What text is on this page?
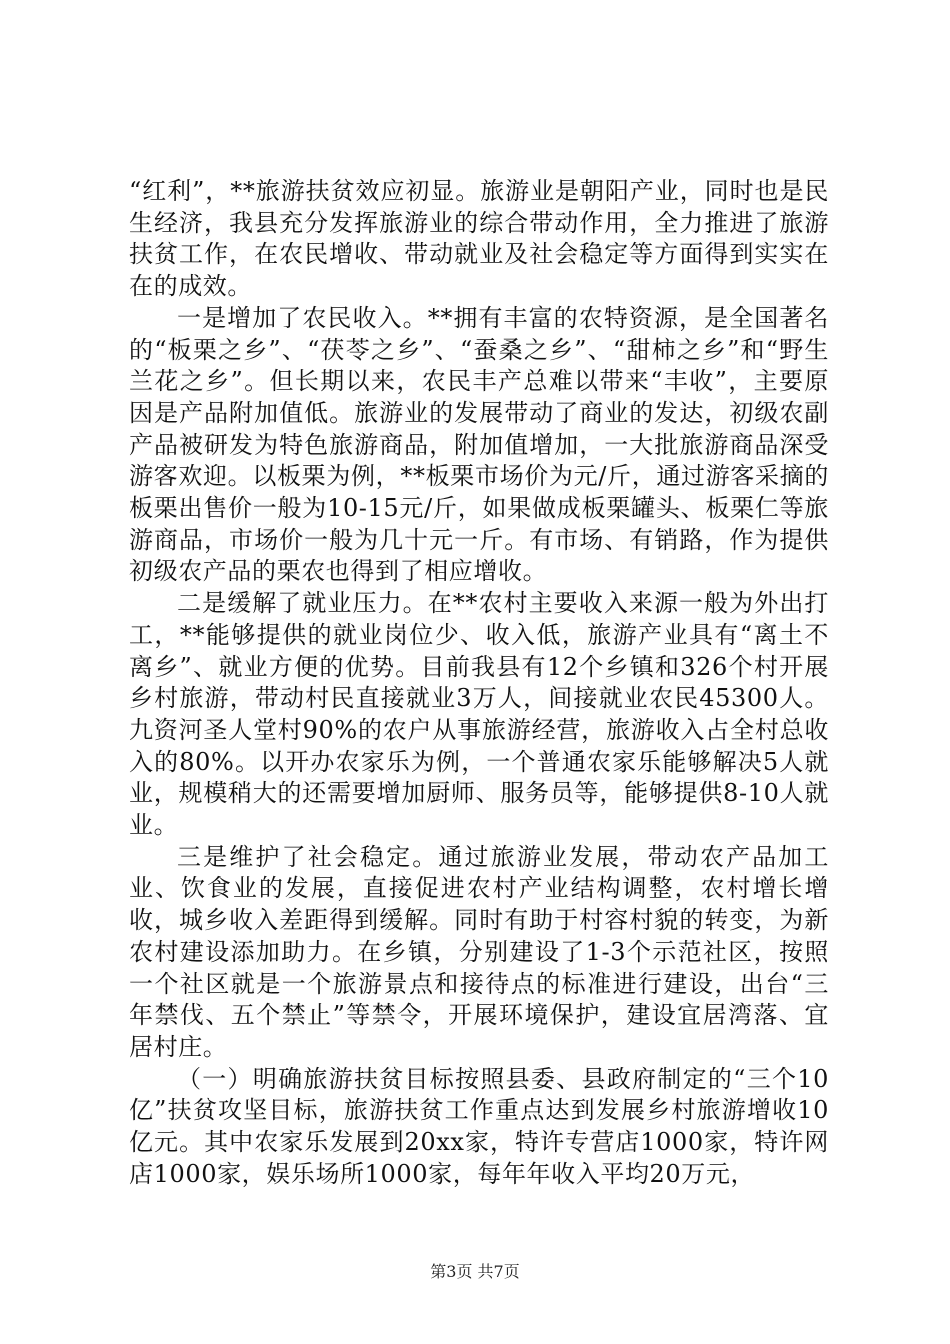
“红利”，**旅游扶贫效应初显。旅游业是朝阳产业，同时也是民生经济，我县充分发挥旅游业的综合带动作用，全力推进了旅游扶贫工作，在农民增收、带动就业及社会稳定等方面得到实实在在的成效。

一是增加了农民收入。**拥有丰富的农特资源，是全国著名的“板栗之乡”、“茯苓之乡”、“蚕桑之乡”、“甜柿之乡”和“野生兰花之乡”。但长期以来，农民丰产总难以带来“丰收”，主要原因是产品附加值低。旅游业的发展带动了商业的发达，初级农副产品被研发为特色旅游商品，附加值增加，一大批旅游商品深受游客欢迎。以板栗为例，**板栗市场价为元/斤，通过游客采摘的板栗出售价一般为10-15元/斤，如果做成板栗罐头、板栗仁等旅游商品，市场价一般为几十元一斤。有市场、有销路，作为提供初级农产品的栗农也得到了相应增收。

二是缓解了就业压力。在**农村主要收入来源一般为外出打工，**能够提供的就业岗位少、收入低，旅游产业具有“离土不离乡”、就业方便的优势。目前我县有12个乡镇和326个村开展乡村旅游，带动村民直接就业3万人，间接就业农民45300人。九资河圣人堂村90%的农户从事旅游经营，旅游收入占全村总收入的80%。以开办农家乐为例，一个普通农家乐能够解决5人就业，规模稍大的还需要增加厨师、服务员等，能够提供8-10人就业。

三是维护了社会稳定。通过旅游业发展，带动农产品加工业、饮食业的发展，直接促进农村产业结构调整，农村增长增收，城乡收入差距得到缓解。同时有助于村容村貌的转变，为新农村建设添加助力。在乡镇，分别建设了1-3个示范社区，按照一个社区就是一个旅游景点和接待点的标准进行建设，出台“三年禁伐、五个禁止”等禁令，开展环境保护，建设宜居湾落、宜居村庄。

（一）明确旅游扶贫目标按照县委、县政府制定的“三个10亿”扶贫攻坚目标，旅游扶贫工作重点达到发展乡村旅游增收10亿元。其中农家乐发展到20xx家，特许专营店1000家，特许网店1000家，娱乐场所1000家，每年年收入平均20万元，

第3页 共7页
